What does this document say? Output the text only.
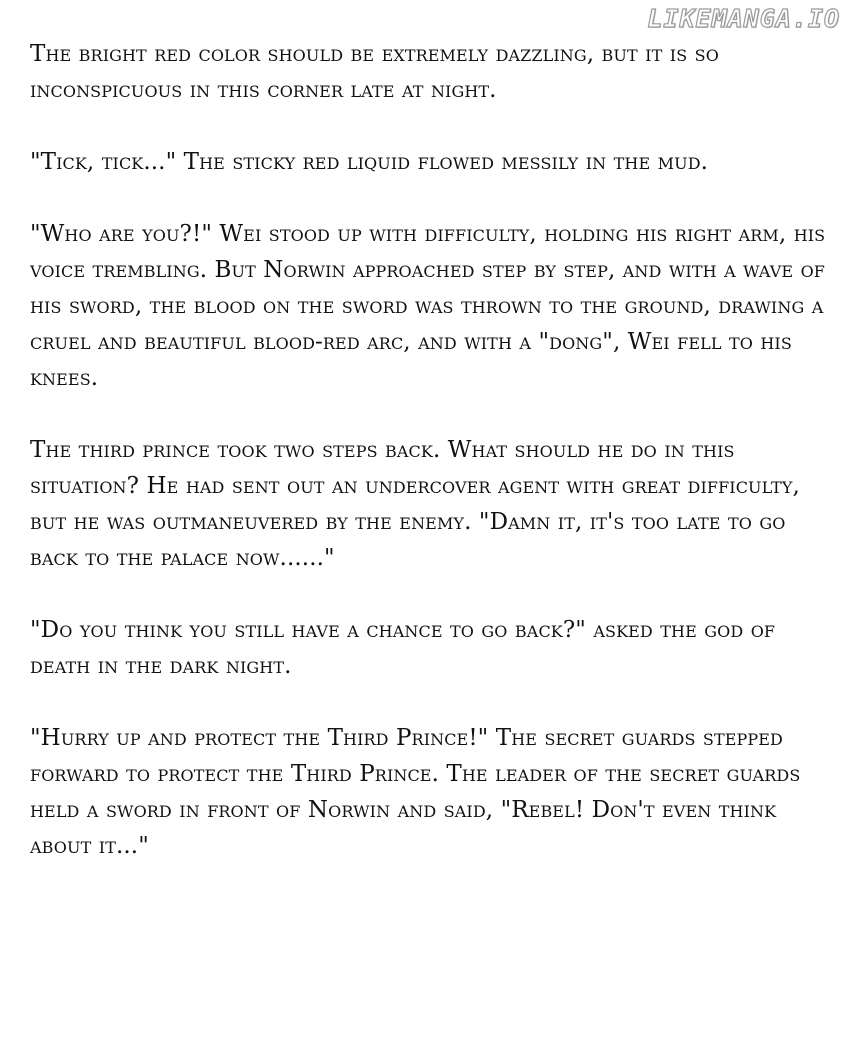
LIKEMANGA.IO

The bright red color should be extremely dazzling, but it is so inconspicuous in this corner late at night.

"Tick, tick..." The sticky red liquid flowed messily in the mud.

"Who are you?!" Wei stood up with difficulty, holding his right arm, his voice trembling. But Norwin approached step by step, and with a wave of his sword, the blood on the sword was thrown to the ground, drawing a cruel and beautiful blood-red arc, and with a "dong", Wei fell to his knees.

The third prince took two steps back. What should he do in this situation? He had sent out an undercover agent with great difficulty, but he was outmaneuvered by the enemy. "Damn it, it's too late to go back to the palace now......"

"Do you think you still have a chance to go back?" asked the god of death in the dark night.

"Hurry up and protect the Third Prince!" The secret guards stepped forward to protect the Third Prince. The leader of the secret guards held a sword in front of Norwin and said, "Rebel! Don't even think about it..."
